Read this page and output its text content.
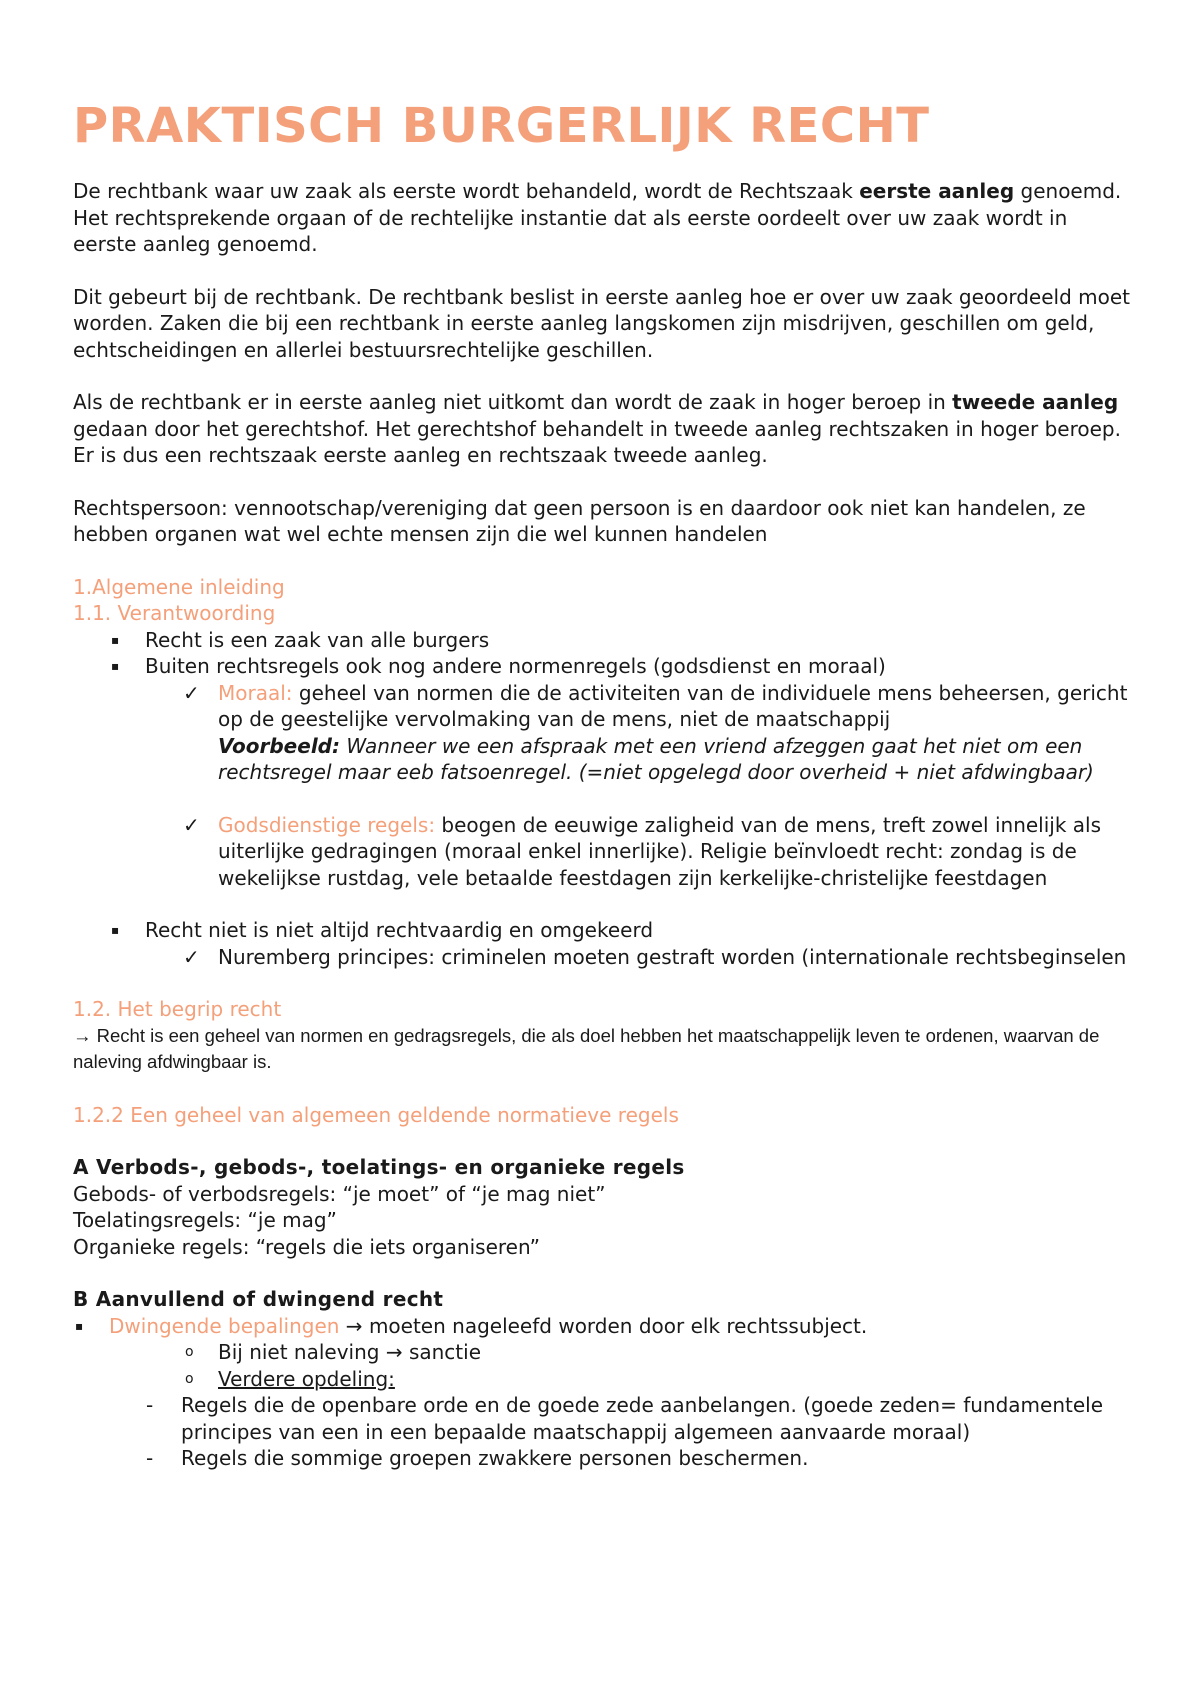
PRAKTISCH BURGERLIJK RECHT

De rechtbank waar uw zaak als eerste wordt behandeld, wordt de Rechtszaak eerste aanleg genoemd. Het rechtsprekende orgaan of de rechtelijke instantie dat als eerste oordeelt over uw zaak wordt in eerste aanleg genoemd.

Dit gebeurt bij de rechtbank. De rechtbank beslist in eerste aanleg hoe er over uw zaak geoordeeld moet worden. Zaken die bij een rechtbank in eerste aanleg langskomen zijn misdrijven, geschillen om geld, echtscheidingen en allerlei bestuursrechtelijke geschillen.

Als de rechtbank er in eerste aanleg niet uitkomt dan wordt de zaak in hoger beroep in tweede aanleg gedaan door het gerechtshof. Het gerechtshof behandelt in tweede aanleg rechtszaken in hoger beroep. Er is dus een rechtszaak eerste aanleg en rechtszaak tweede aanleg.

Rechtspersoon: vennootschap/vereniging dat geen persoon is en daardoor ook niet kan handelen, ze hebben organen wat wel echte mensen zijn die wel kunnen handelen

1.Algemene inleiding

1.1. Verantwoording

▪ Recht is een zaak van alle burgers
▪ Buiten rechtsregels ook nog andere normenregels (godsdienst en moraal)
✓ Moraal: geheel van normen die de activiteiten van de individuele mens beheersen, gericht op de geestelijke vervolmaking van de mens, niet de maatschappij
Voorbeeld: Wanneer we een afspraak met een vriend afzeggen gaat het niet om een rechtsregel maar eeb fatsoenregel. (=niet opgelegd door overheid + niet afdwingbaar)
✓ Godsdienstige regels: beogen de eeuwige zaligheid van de mens, treft zowel innelijk als uiterlijke gedragingen (moraal enkel innerlijke). Religie beïnvloedt recht: zondag is de wekelijkse rustdag, vele betaalde feestdagen zijn kerkelijke-christelijke feestdagen
▪ Recht niet is niet altijd rechtvaardig en omgekeerd
✓ Nuremberg principes: criminelen moeten gestraft worden (internationale rechtsbeginselen

1.2. Het begrip recht

→ Recht is een geheel van normen en gedragsregels, die als doel hebben het maatschappelijk leven te ordenen, waarvan de naleving afdwingbaar is.

1.2.2 Een geheel van algemeen geldende normatieve regels

A Verbods-, gebods-, toelatings- en organieke regels

Gebods- of verbodsregels: “je moet” of “je mag niet”

Toelatingsregels: “je mag”

Organieke regels: “regels die iets organiseren”

B Aanvullend of dwingend recht

▪ Dwingende bepalingen → moeten nageleefd worden door elk rechtssubject.
o Bij niet naleving → sanctie
o Verdere opdeling:
- Regels die de openbare orde en de goede zede aanbelangen. (goede zeden= fundamentele principes van een in een bepaalde maatschappij algemeen aanvaarde moraal)
- Regels die sommige groepen zwakkere personen beschermen.
